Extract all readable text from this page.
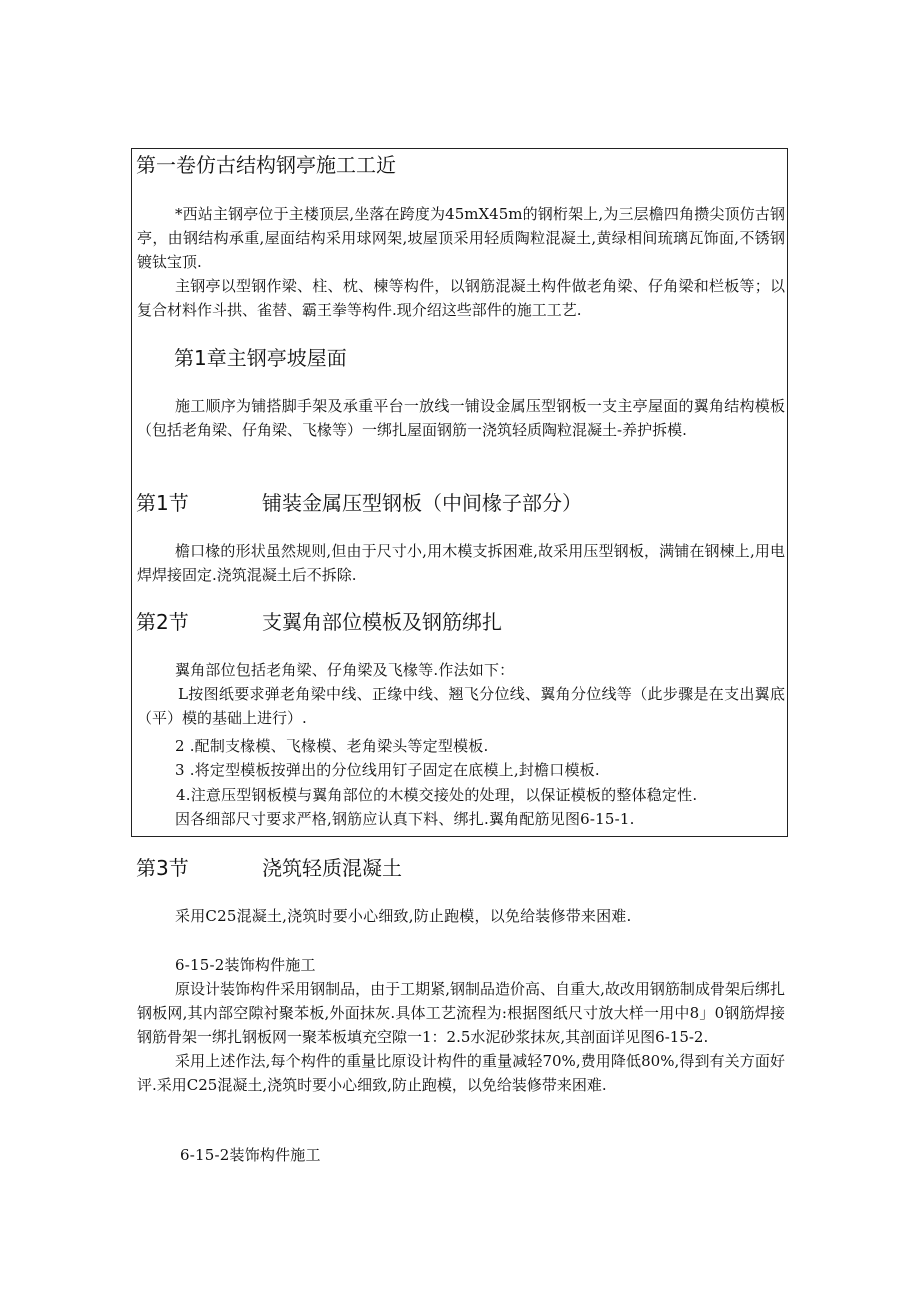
第一卷仿古结构钢亭施工工近

*西站主钢亭位于主楼顶层,坐落在跨度为45mX45m的钢桁架上,为三层檐四角攒尖顶仿古钢亭，由钢结构承重,屋面结构采用球网架,坡屋顶采用轻质陶粒混凝土,黄绿相间琉璃瓦饰面,不锈钢镀钛宝顶.

主钢亭以型钢作梁、柱、枕、楝等构件，以钢筋混凝土构件做老角梁、仔角梁和栏板等；以复合材料作斗拱、雀替、霸王拳等构件.现介绍这些部件的施工工艺.

第1章主钢亭坡屋面

施工顺序为铺搭脚手架及承重平台一放线一铺设金属压型钢板一支主亭屋面的翼角结构模板（包括老角梁、仔角梁、飞椽等）一绑扎屋面钢筋一浇筑轻质陶粒混凝土-养护拆模.

第1节	铺装金属压型钢板（中间椽子部分）

檐口椽的形状虽然规则,但由于尺寸小,用木模支拆困难,故采用压型钢板，满铺在钢楝上,用电焊焊接固定.浇筑混凝土后不拆除.

第2节	支翼角部位模板及钢筋绑扎
翼角部位包括老角梁、仔角梁及飞椽等.作法如下：

L按图纸要求弹老角梁中线、正缘中线、翘飞分位线、翼角分位线等（此步骤是在支出翼底（平）模的基础上进行）.

2 .配制支椽模、飞椽模、老角梁头等定型模板.
3 .将定型模板按弹出的分位线用钉子固定在底模上,封檐口模板.
4.注意压型钢板模与翼角部位的木模交接处的处理，以保证模板的整体稳定性.
因各细部尺寸要求严格,钢筋应认真下料、绑扎.翼角配筋见图6-15-1.
第3节	浇筑轻质混凝土
采用C25混凝土,浇筑时要小心细致,防止跑模，以免给装修带来困难.
6-15-2装饰构件施工

原设计装饰构件采用钢制品，由于工期紧,钢制品造价高、自重大,故改用钢筋制成骨架后绑扎钢板网,其内部空隙衬聚苯板,外面抹灰.具体工艺流程为:根据图纸尺寸放大样一用中8」0钢筋焊接钢筋骨架一绑扎钢板网一聚苯板填充空隙一1：2.5水泥砂浆抹灰,其剖面详见图6-15-2.

采用上述作法,每个构件的重量比原设计构件的重量减轻70%,费用降低80%,得到有关方面好评.采用C25混凝土,浇筑时要小心细致,防止跑模，以免给装修带来困难.

6-15-2装饰构件施工
